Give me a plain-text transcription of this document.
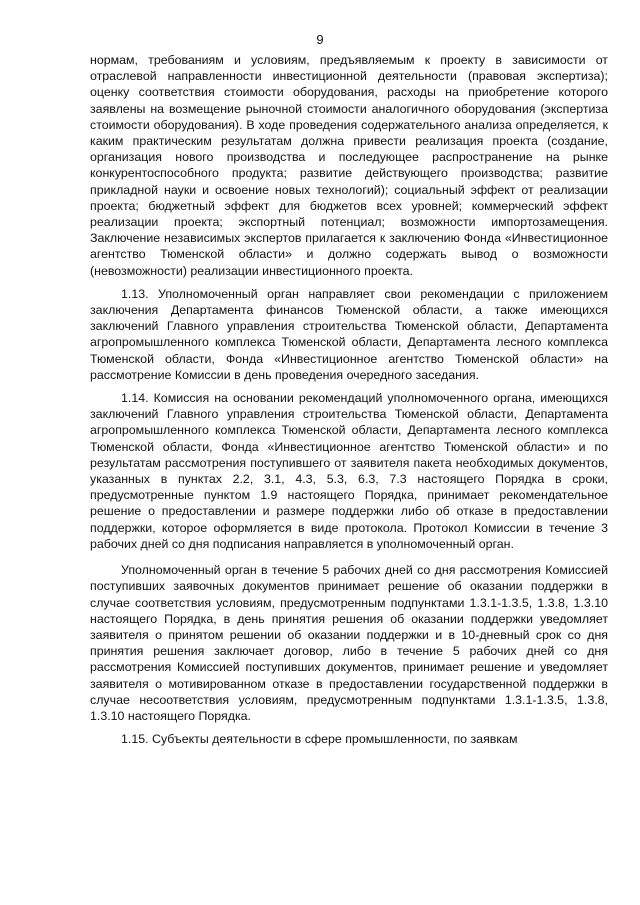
9

нормам, требованиям и условиям, предъявляемым к проекту в зависимости от отраслевой направленности инвестиционной деятельности (правовая экспертиза); оценку соответствия стоимости оборудования, расходы на приобретение которого заявлены на возмещение рыночной стоимости аналогичного оборудования (экспертиза стоимости оборудования). В ходе проведения содержательного анализа определяется, к каким практическим результатам должна привести реализация проекта (создание, организация нового производства и последующее распространение на рынке конкурентоспособного продукта; развитие действующего производства; развитие прикладной науки и освоение новых технологий); социальный эффект от реализации проекта; бюджетный эффект для бюджетов всех уровней; коммерческий эффект реализации проекта; экспортный потенциал; возможности импортозамещения. Заключение независимых экспертов прилагается к заключению Фонда «Инвестиционное агентство Тюменской области» и должно содержать вывод о возможности (невозможности) реализации инвестиционного проекта.

1.13. Уполномоченный орган направляет свои рекомендации с приложением заключения Департамента финансов Тюменской области, а также имеющихся заключений Главного управления строительства Тюменской области, Департамента агропромышленного комплекса Тюменской области, Департамента лесного комплекса Тюменской области, Фонда «Инвестиционное агентство Тюменской области» на рассмотрение Комиссии в день проведения очередного заседания.

1.14. Комиссия на основании рекомендаций уполномоченного органа, имеющихся заключений Главного управления строительства Тюменской области, Департамента агропромышленного комплекса Тюменской области, Департамента лесного комплекса Тюменской области, Фонда «Инвестиционное агентство Тюменской области» и по результатам рассмотрения поступившего от заявителя пакета необходимых документов, указанных в пунктах 2.2, 3.1, 4.3, 5.3, 6.3, 7.3 настоящего Порядка в сроки, предусмотренные пунктом 1.9 настоящего Порядка, принимает рекомендательное решение о предоставлении и размере поддержки либо об отказе в предоставлении поддержки, которое оформляется в виде протокола. Протокол Комиссии в течение 3 рабочих дней со дня подписания направляется в уполномоченный орган.

Уполномоченный орган в течение 5 рабочих дней со дня рассмотрения Комиссией поступивших заявочных документов принимает решение об оказании поддержки в случае соответствия условиям, предусмотренным подпунктами 1.3.1-1.3.5, 1.3.8, 1.3.10 настоящего Порядка, в день принятия решения об оказании поддержки уведомляет заявителя о принятом решении об оказании поддержки и в 10-дневный срок со дня принятия решения заключает договор, либо в течение 5 рабочих дней со дня рассмотрения Комиссией поступивших документов, принимает решение и уведомляет заявителя о мотивированном отказе в предоставлении государственной поддержки в случае несоответствия условиям, предусмотренным подпунктами 1.3.1-1.3.5, 1.3.8, 1.3.10 настоящего Порядка.

1.15. Субъекты деятельности в сфере промышленности, по заявкам
